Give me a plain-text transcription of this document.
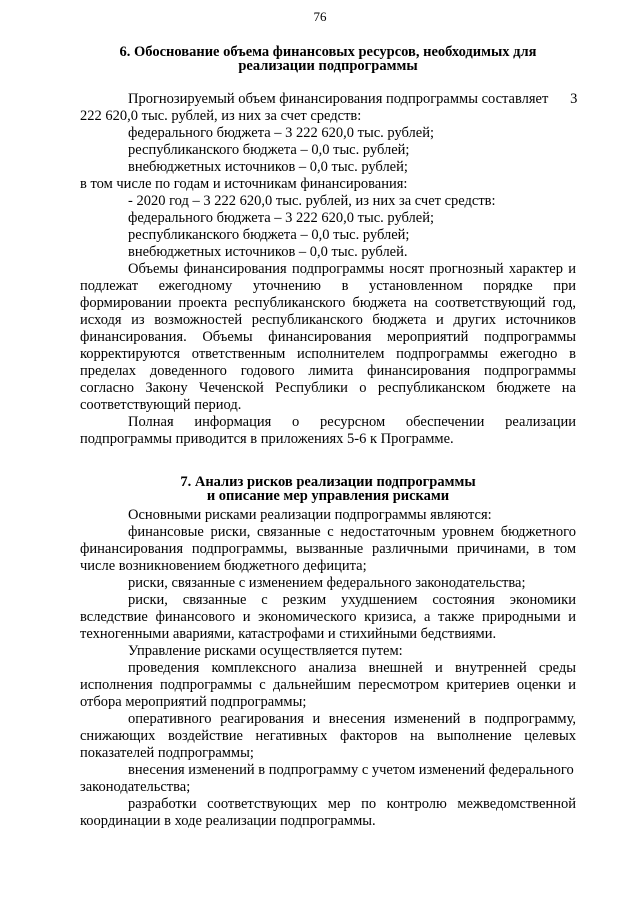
76
6. Обоснование объема финансовых ресурсов, необходимых для
реализации подпрограммы
Прогнозируемый объем финансирования подпрограммы составляет      3
222 620,0 тыс. рублей, из них за счет средств:
федерального бюджета – 3 222 620,0 тыс. рублей;
республиканского бюджета – 0,0 тыс. рублей;
внебюджетных источников – 0,0 тыс. рублей;
в том числе по годам и источникам финансирования:
- 2020 год – 3 222 620,0 тыс. рублей, из них за счет средств:
федерального бюджета – 3 222 620,0 тыс. рублей;
республиканского бюджета – 0,0 тыс. рублей;
внебюджетных источников – 0,0 тыс. рублей.
Объемы финансирования подпрограммы носят прогнозный характер и
подлежат ежегодному уточнению в установленном порядке при
формировании проекта республиканского бюджета на соответствующий год,
исходя из возможностей республиканского бюджета и других источников
финансирования. Объемы финансирования мероприятий подпрограммы
корректируются ответственным исполнителем подпрограммы ежегодно в
пределах доведенного годового лимита финансирования подпрограммы
согласно Закону Чеченской Республики о республиканском бюджете на
соответствующий период.
Полная информация о ресурсном обеспечении реализации
подпрограммы приводится в приложениях 5-6 к Программе.
7. Анализ рисков реализации подпрограммы
и описание мер управления рисками
Основными рисками реализации подпрограммы являются:
финансовые риски, связанные с недостаточным уровнем бюджетного
финансирования подпрограммы, вызванные различными причинами, в том
числе возникновением бюджетного дефицита;
риски, связанные с изменением федерального законодательства;
риски, связанные с резким ухудшением состояния экономики
вследствие финансового и экономического кризиса, а также природными и
техногенными авариями, катастрофами и стихийными бедствиями.
Управление рисками осуществляется путем:
проведения комплексного анализа внешней и внутренней среды
исполнения подпрограммы с дальнейшим пересмотром критериев оценки и
отбора мероприятий подпрограммы;
оперативного реагирования и внесения изменений в подпрограмму,
снижающих воздействие негативных факторов на выполнение целевых
показателей подпрограммы;
внесения изменений в подпрограмму с учетом изменений федерального
законодательства;
разработки соответствующих мер по контролю межведомственной
координации в ходе реализации подпрограммы.
